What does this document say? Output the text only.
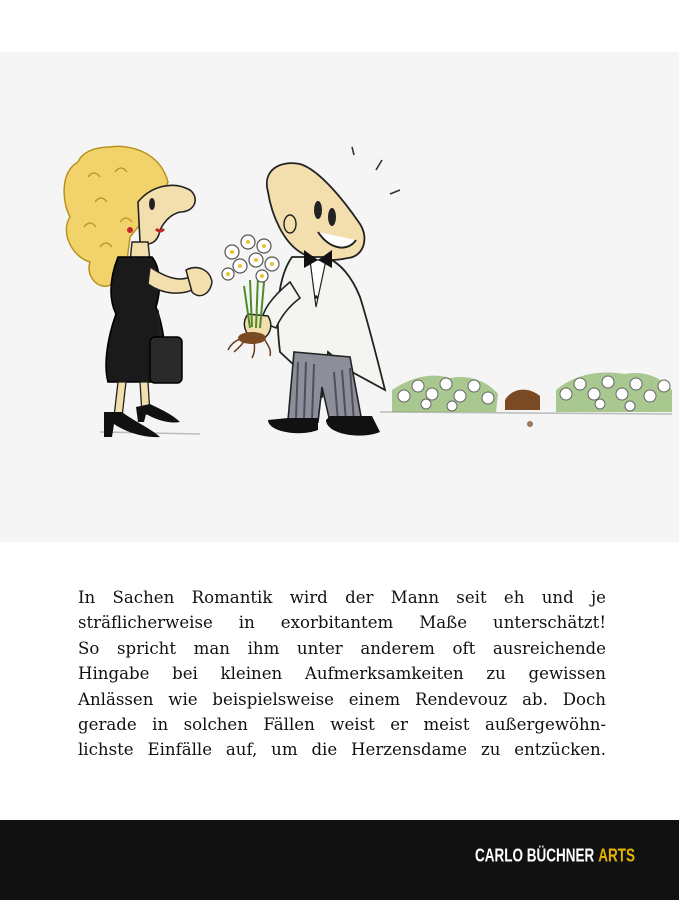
In Sachen Romantik wird der Mann seit eh und je
sträflicherweise in exorbitantem Maße unterschätzt!
So spricht man ihm unter anderem oft ausreichende
Hingabe bei kleinen Aufmerksamkeiten zu gewissen
Anlässen wie beispielsweise einem Rendevouz ab. Doch
gerade in solchen Fällen weist er meist außergewöhn-
lichste Einfälle auf, um die Herzensdame zu entzücken.
CARLO BÜCHNER ARTS
